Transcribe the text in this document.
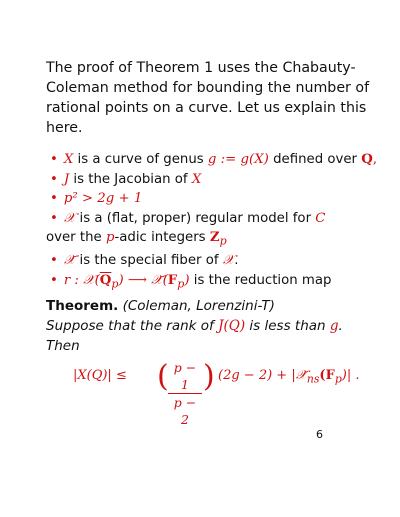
The proof of Theorem 1 uses the Chabauty-Coleman method for bounding the number of rational points on a curve. Let us explain this here.

• X is a curve of genus g := g(X) defined over Q,
• J is the Jacobian of X
• p² > 2g + 1
• 𝒳 is a (flat, proper) regular model for C
over the p-adic integers $Z_p$
• 𝒳̄ is the special fiber of 𝒳.
• r : $𝒳(\overline{Q}_p)$ ⟶ $𝒳̄(F_p)$ is the reduction map
Theorem. (Coleman, Lorenzini-T)
Suppose that the rank of J(Q) is less than g.
Then
|X(Q)| ≤ ( $\frac{p - 1}{p - 2}$ ) $(2g - 2) + |𝒳̄_{ns}(F_p)|$ .
6
